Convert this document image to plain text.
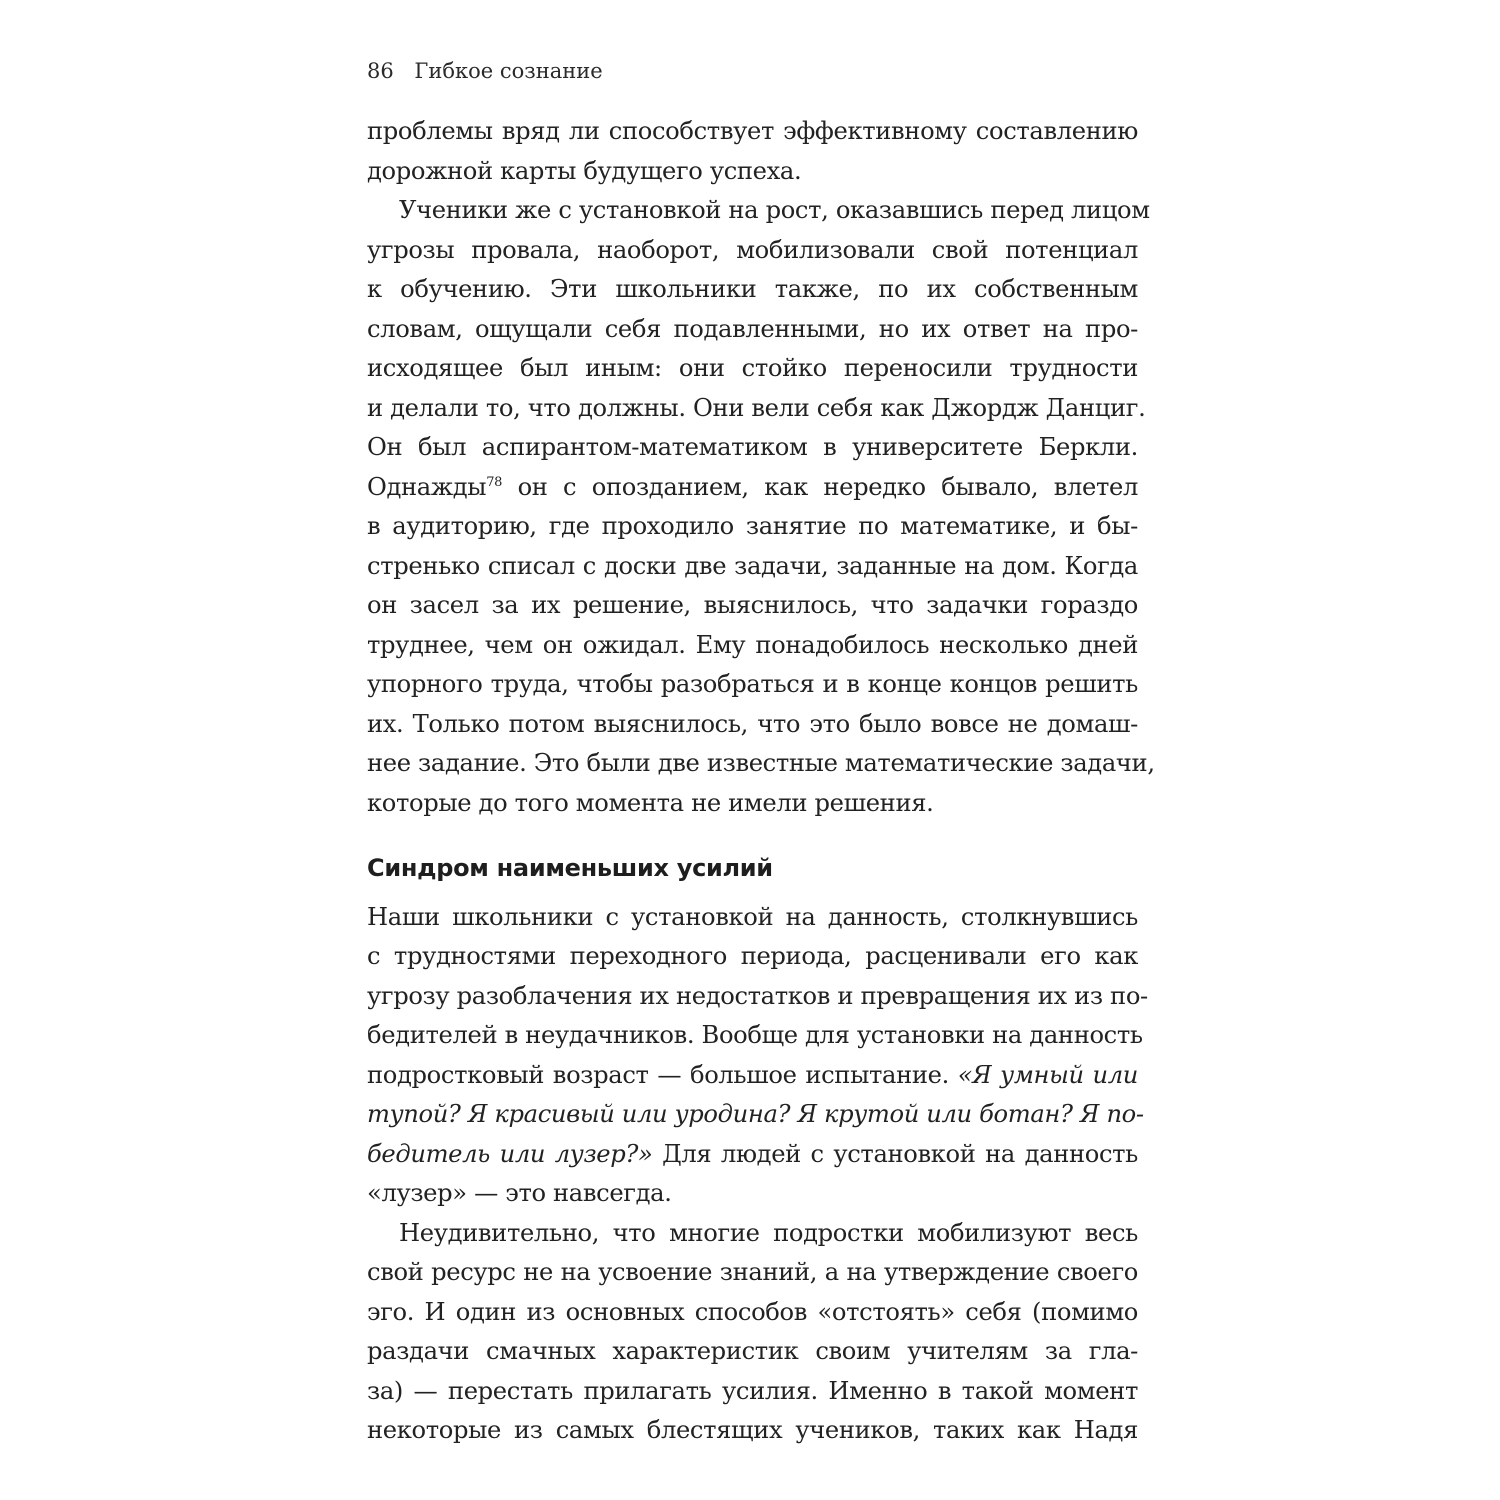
86 Гибкое сознание
проблемы вряд ли способствует эффективному составлению
дорожной карты будущего успеха.
Ученики же с установкой на рост, оказавшись перед лицом
угрозы провала, наоборот, мобилизовали свой потенциал
к обучению. Эти школьники также, по их собственным
словам, ощущали себя подавленными, но их ответ на про-
исходящее был иным: они стойко переносили трудности
и делали то, что должны. Они вели себя как Джордж Данциг.
Он был аспирантом-математиком в университете Беркли.
Однажды$^{78}$ он с опозданием, как нередко бывало, влетел
в аудиторию, где проходило занятие по математике, и бы-
стренько списал с доски две задачи, заданные на дом. Когда
он засел за их решение, выяснилось, что задачки гораздо
труднее, чем он ожидал. Ему понадобилось несколько дней
упорного труда, чтобы разобраться и в конце концов решить
их. Только потом выяснилось, что это было вовсе не домаш-
нее задание. Это были две известные математические задачи,
которые до того момента не имели решения.
Синдром наименьших усилий
Наши школьники с установкой на данность, столкнувшись
с трудностями переходного периода, расценивали его как
угрозу разоблачения их недостатков и превращения их из по-
бедителей в неудачников. Вообще для установки на данность
подростковый возраст — большое испытание. «Я умный или
тупой? Я красивый или уродина? Я крутой или ботан? Я по-
бедитель или лузер?» Для людей с установкой на данность
«лузер» — это навсегда.
Неудивительно, что многие подростки мобилизуют весь
свой ресурс не на усвоение знаний, а на утверждение своего
эго. И один из основных способов «отстоять» себя (помимо
раздачи смачных характеристик своим учителям за гла-
за) — перестать прилагать усилия. Именно в такой момент
некоторые из самых блестящих учеников, таких как Надя
